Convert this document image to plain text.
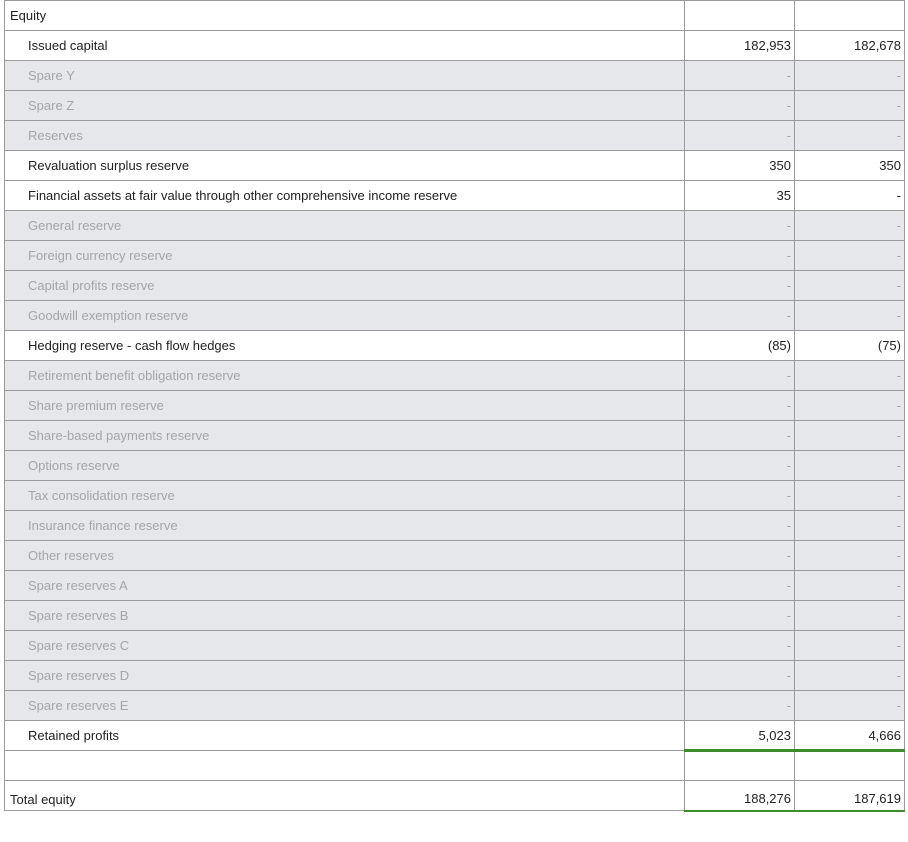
Equity		
Issued capital	182,953	182,678
Spare Y	-	-
Spare Z	-	-
Reserves	-	-
Revaluation surplus reserve	350	350
Financial assets at fair value through other comprehensive income reserve	35	-
General reserve	-	-
Foreign currency reserve	-	-
Capital profits reserve	-	-
Goodwill exemption reserve	-	-
Hedging reserve - cash flow hedges	(85)	(75)
Retirement benefit obligation reserve	-	-
Share premium reserve	-	-
Share-based payments reserve	-	-
Options reserve	-	-
Tax consolidation reserve	-	-
Insurance finance reserve	-	-
Other reserves	-	-
Spare reserves A	-	-
Spare reserves B	-	-
Spare reserves C	-	-
Spare reserves D	-	-
Spare reserves E	-	-
Retained profits	5,023	4,666

Total equity	188,276	187,619
